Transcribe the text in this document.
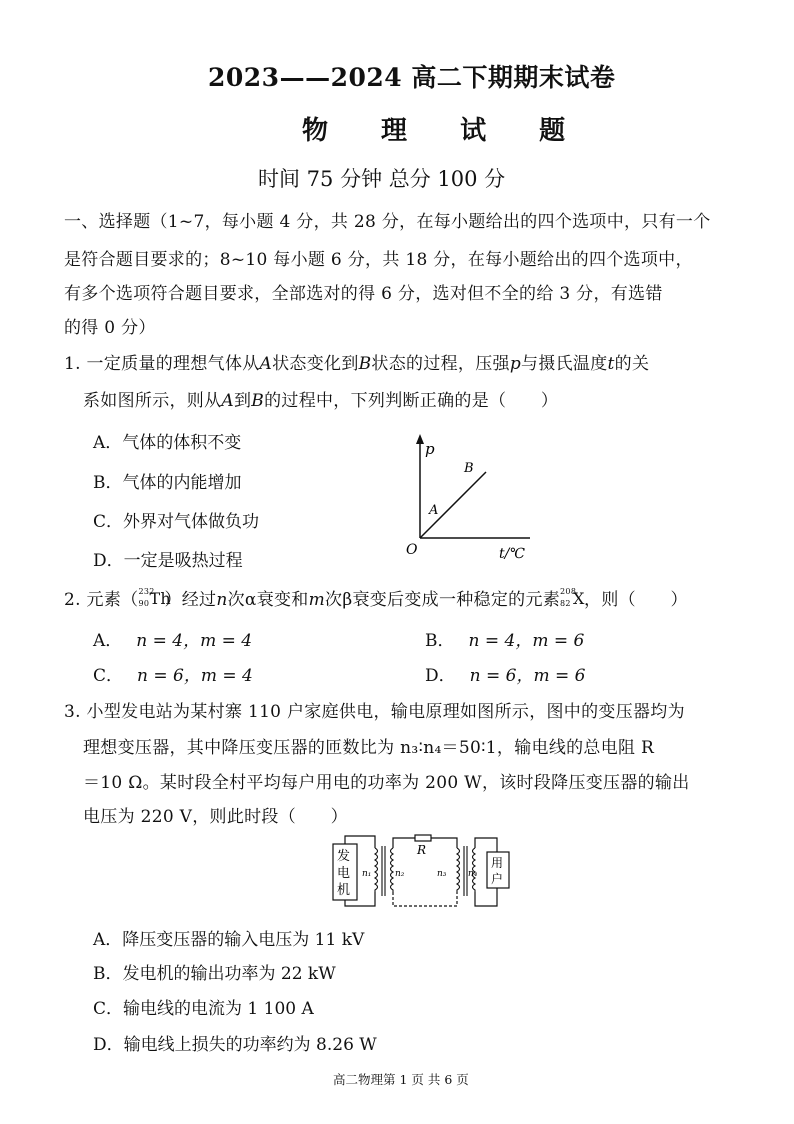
2023——2024 高二下期期末试卷
物 理 试 题
时间 75 分钟 总分 100 分
一、选择题（1~7，每小题 4 分，共 28 分，在每小题给出的四个选项中，只有一个
是符合题目要求的；8~10 每小题 6 分，共 18 分，在每小题给出的四个选项中，
有多个选项符合题目要求，全部选对的得 6 分，选对但不全的给 3 分，有选错
的得 0 分）
1. 一定质量的理想气体从A状态变化到B状态的过程，压强p与摄氏温度t的关
系如图所示，则从A到B的过程中，下列判断正确的是（　　）
A．气体的体积不变
B．气体的内能增加
C．外界对气体做负功
D．一定是吸热过程
p
t/℃
O
A
B
2. 元素（ 232
90 Th
）经过n次α衰变和m次β衰变后变成一种稳定的元素 208
82 X ，则（　　）
A． n = 4，m = 4	B． n = 4，m = 6
C． n = 6，m = 4	D． n = 6，m = 6
3. 小型发电站为某村寨 110 户家庭供电，输电原理如图所示，图中的变压器均为
理想变压器，其中降压变压器的匝数比为 n₃∶n₄＝50∶1，输电线的总电阻 R
＝10 Ω。某时段全村平均每户用电的功率为 200 W，该时段降压变压器的输出
电压为 220 V，则此时段（　　）
发
电
机
n₁	n₂
R
n₃ n₄
用
户
A．降压变压器的输入电压为 11 kV
B．发电机的输出功率为 22 kW
C．输电线的电流为 1 100 A
D．输电线上损失的功率约为 8.26 W
高二物理第 1 页 共 6 页
